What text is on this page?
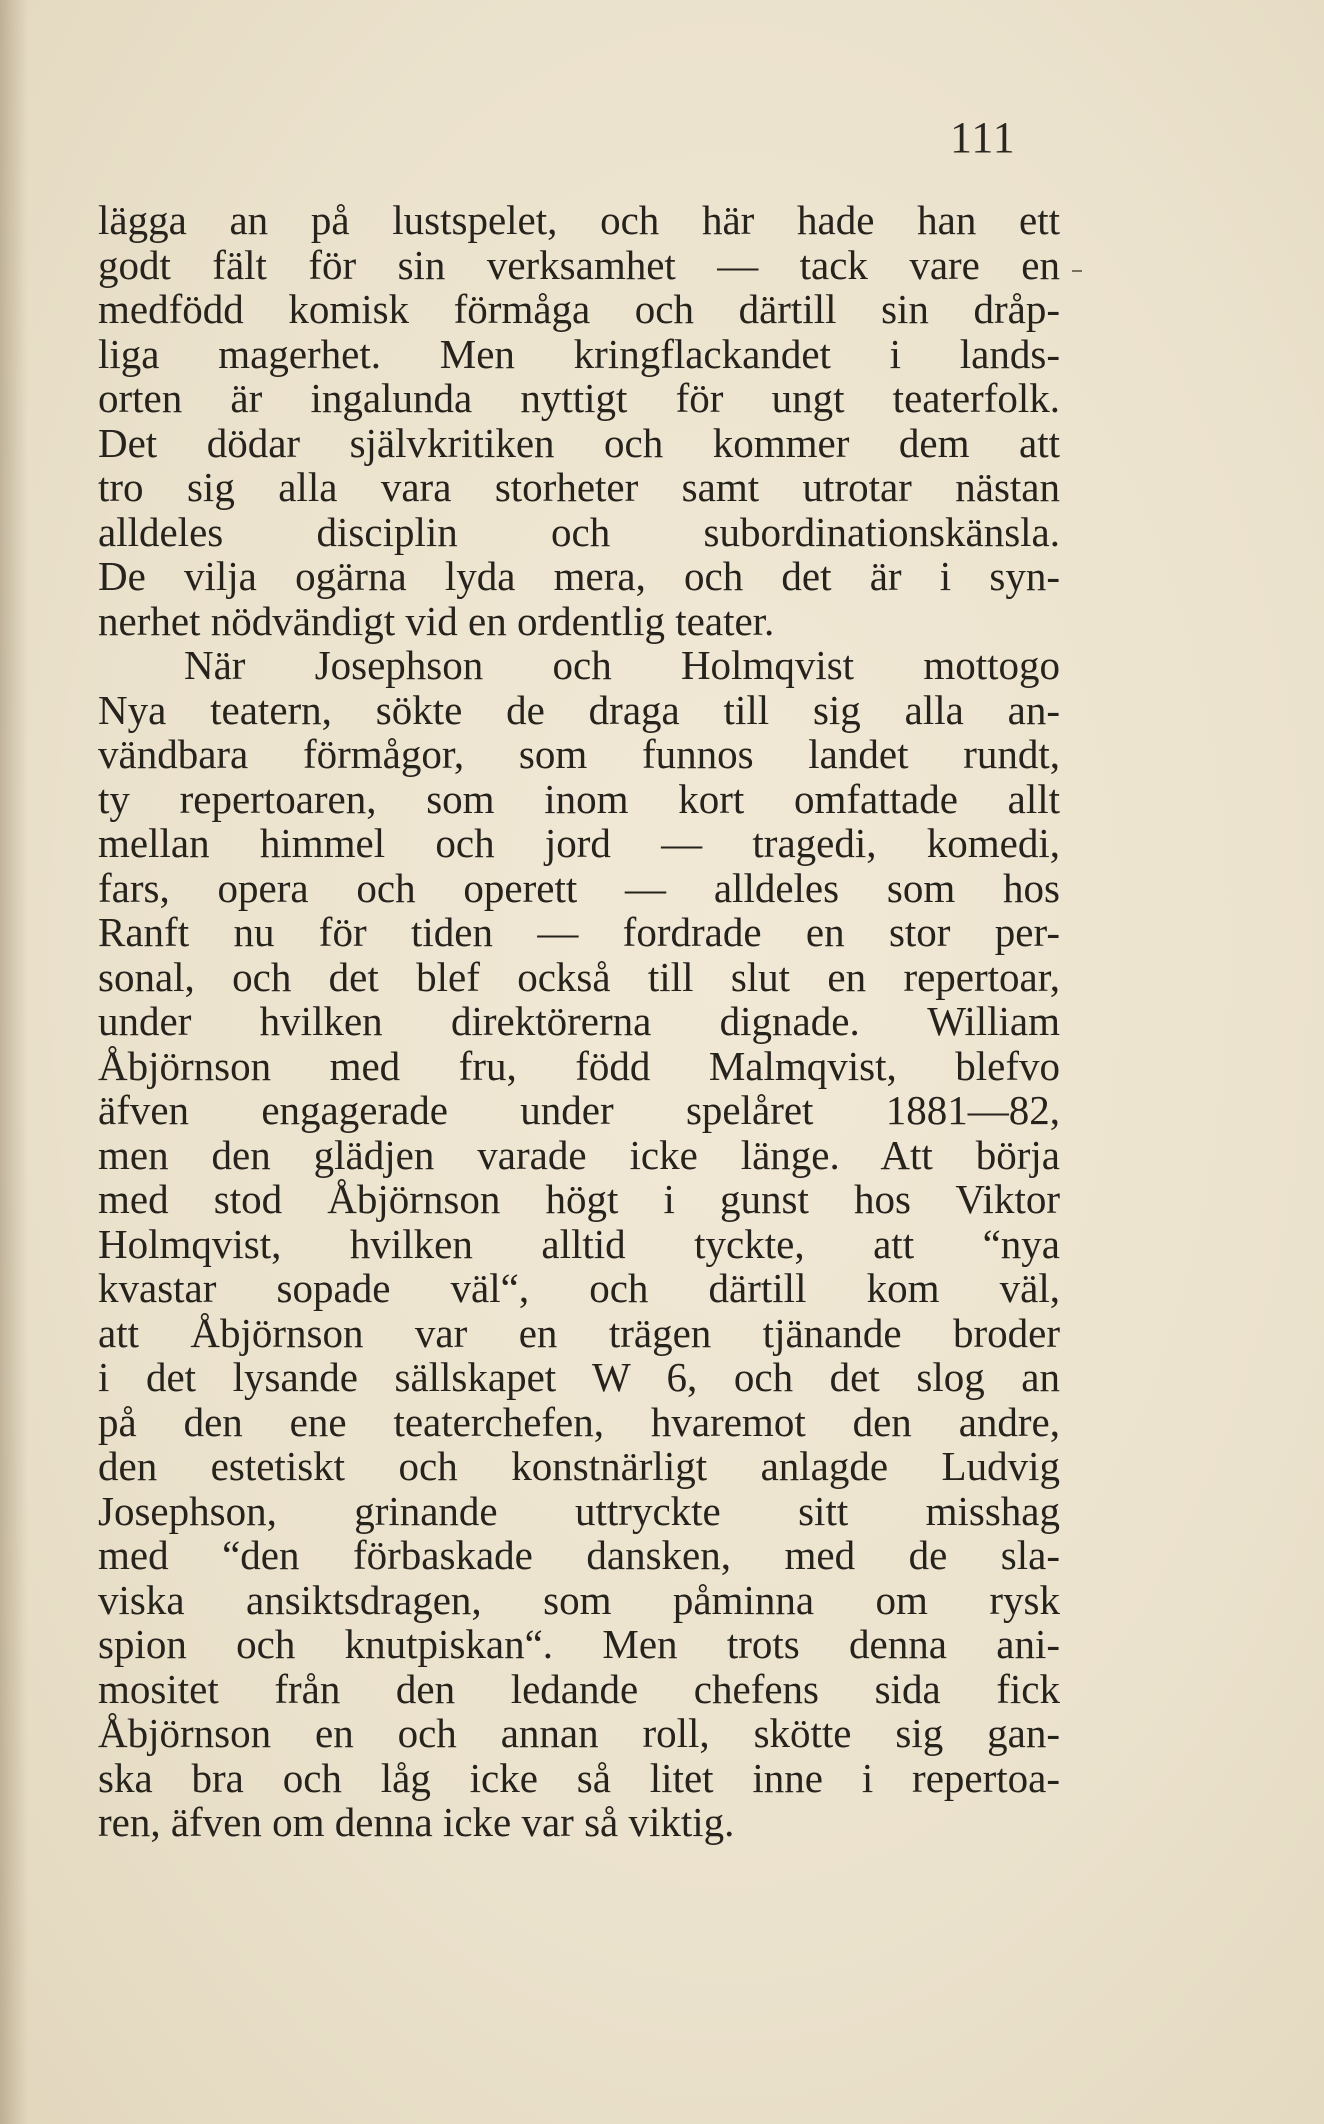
111
lägga an på lustspelet, och här hade han ett
godt fält för sin verksamhet — tack vare en
medfödd komisk förmåga och därtill sin dråp-
liga magerhet. Men kringflackandet i lands-
orten är ingalunda nyttigt för ungt teaterfolk.
Det dödar självkritiken och kommer dem att
tro sig alla vara storheter samt utrotar nästan
alldeles disciplin och subordinationskänsla.
De vilja ogärna lyda mera, och det är i syn-
nerhet nödvändigt vid en ordentlig teater.
När Josephson och Holmqvist mottogo
Nya teatern, sökte de draga till sig alla an-
vändbara förmågor, som funnos landet rundt,
ty repertoaren, som inom kort omfattade allt
mellan himmel och jord — tragedi, komedi,
fars, opera och operett — alldeles som hos
Ranft nu för tiden — fordrade en stor per-
sonal, och det blef också till slut en repertoar,
under hvilken direktörerna dignade. William
Åbjörnson med fru, född Malmqvist, blefvo
äfven engagerade under spelåret 1881—82,
men den glädjen varade icke länge. Att börja
med stod Åbjörnson högt i gunst hos Viktor
Holmqvist, hvilken alltid tyckte, att “nya
kvastar sopade väl“, och därtill kom väl,
att Åbjörnson var en trägen tjänande broder
i det lysande sällskapet W 6, och det slog an
på den ene teaterchefen, hvaremot den andre,
den estetiskt och konstnärligt anlagde Ludvig
Josephson, grinande uttryckte sitt misshag
med “den förbaskade dansken, med de sla-
viska ansiktsdragen, som påminna om rysk
spion och knutpiskan“. Men trots denna ani-
mositet från den ledande chefens sida fick
Åbjörnson en och annan roll, skötte sig gan-
ska bra och låg icke så litet inne i repertoa-
ren, äfven om denna icke var så viktig.
